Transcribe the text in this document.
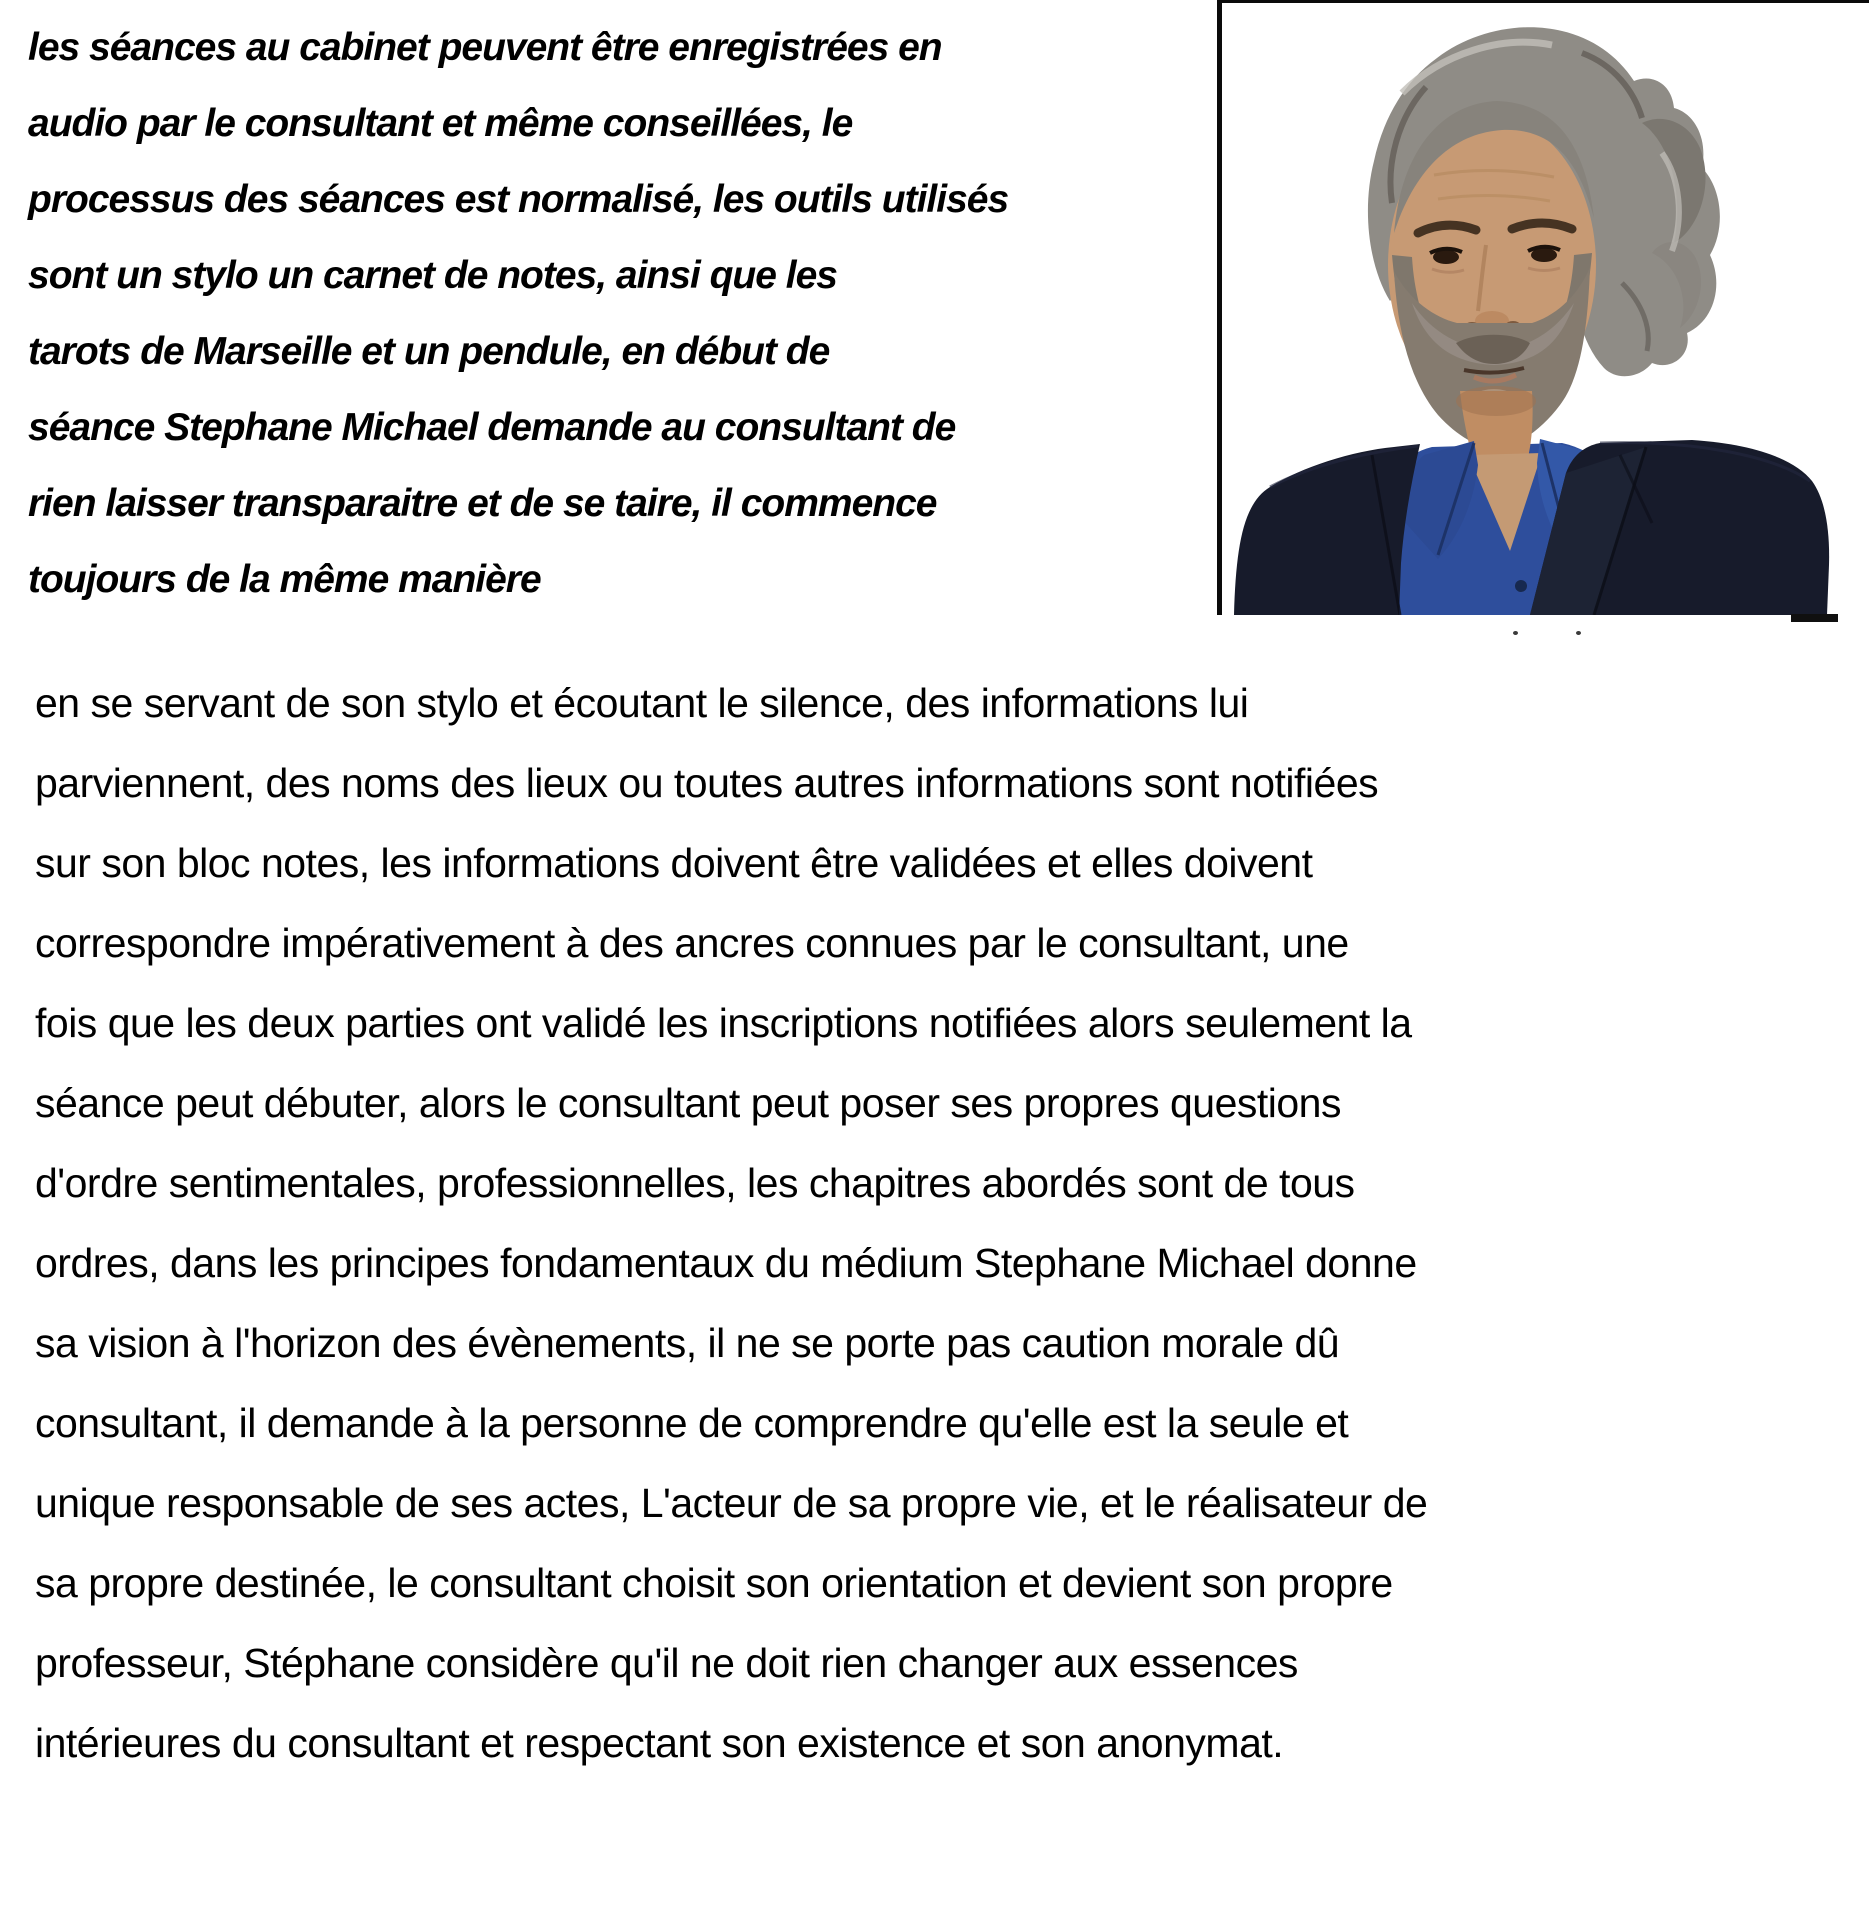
les séances au cabinet peuvent être enregistrées en
audio par le consultant et même conseillées, le
processus des séances est normalisé, les outils utilisés
sont un stylo un carnet de notes, ainsi que les
tarots de Marseille et un pendule, en début de
séance Stephane Michael demande au consultant de
rien laisser transparaitre et de se taire, il commence
toujours de la même manière
en se servant de son stylo et écoutant le silence, des informations lui
parviennent, des noms des lieux ou toutes autres informations sont notifiées
sur son bloc notes, les informations doivent être validées et elles doivent
correspondre impérativement à des ancres connues par le consultant, une
fois que les deux parties ont validé les inscriptions notifiées alors seulement la
séance peut débuter, alors le consultant peut poser ses propres questions
d'ordre sentimentales, professionnelles, les chapitres abordés sont de tous
ordres, dans les principes fondamentaux du médium Stephane Michael donne
sa vision à l'horizon des évènements, il ne se porte pas caution morale dû
consultant, il demande à la personne de comprendre qu'elle est la seule et
unique responsable de ses actes, L'acteur de sa propre vie, et le réalisateur de
sa propre destinée, le consultant choisit son orientation et devient son propre
professeur, Stéphane considère qu'il ne doit rien changer aux essences
intérieures du consultant et respectant son existence et son anonymat.
